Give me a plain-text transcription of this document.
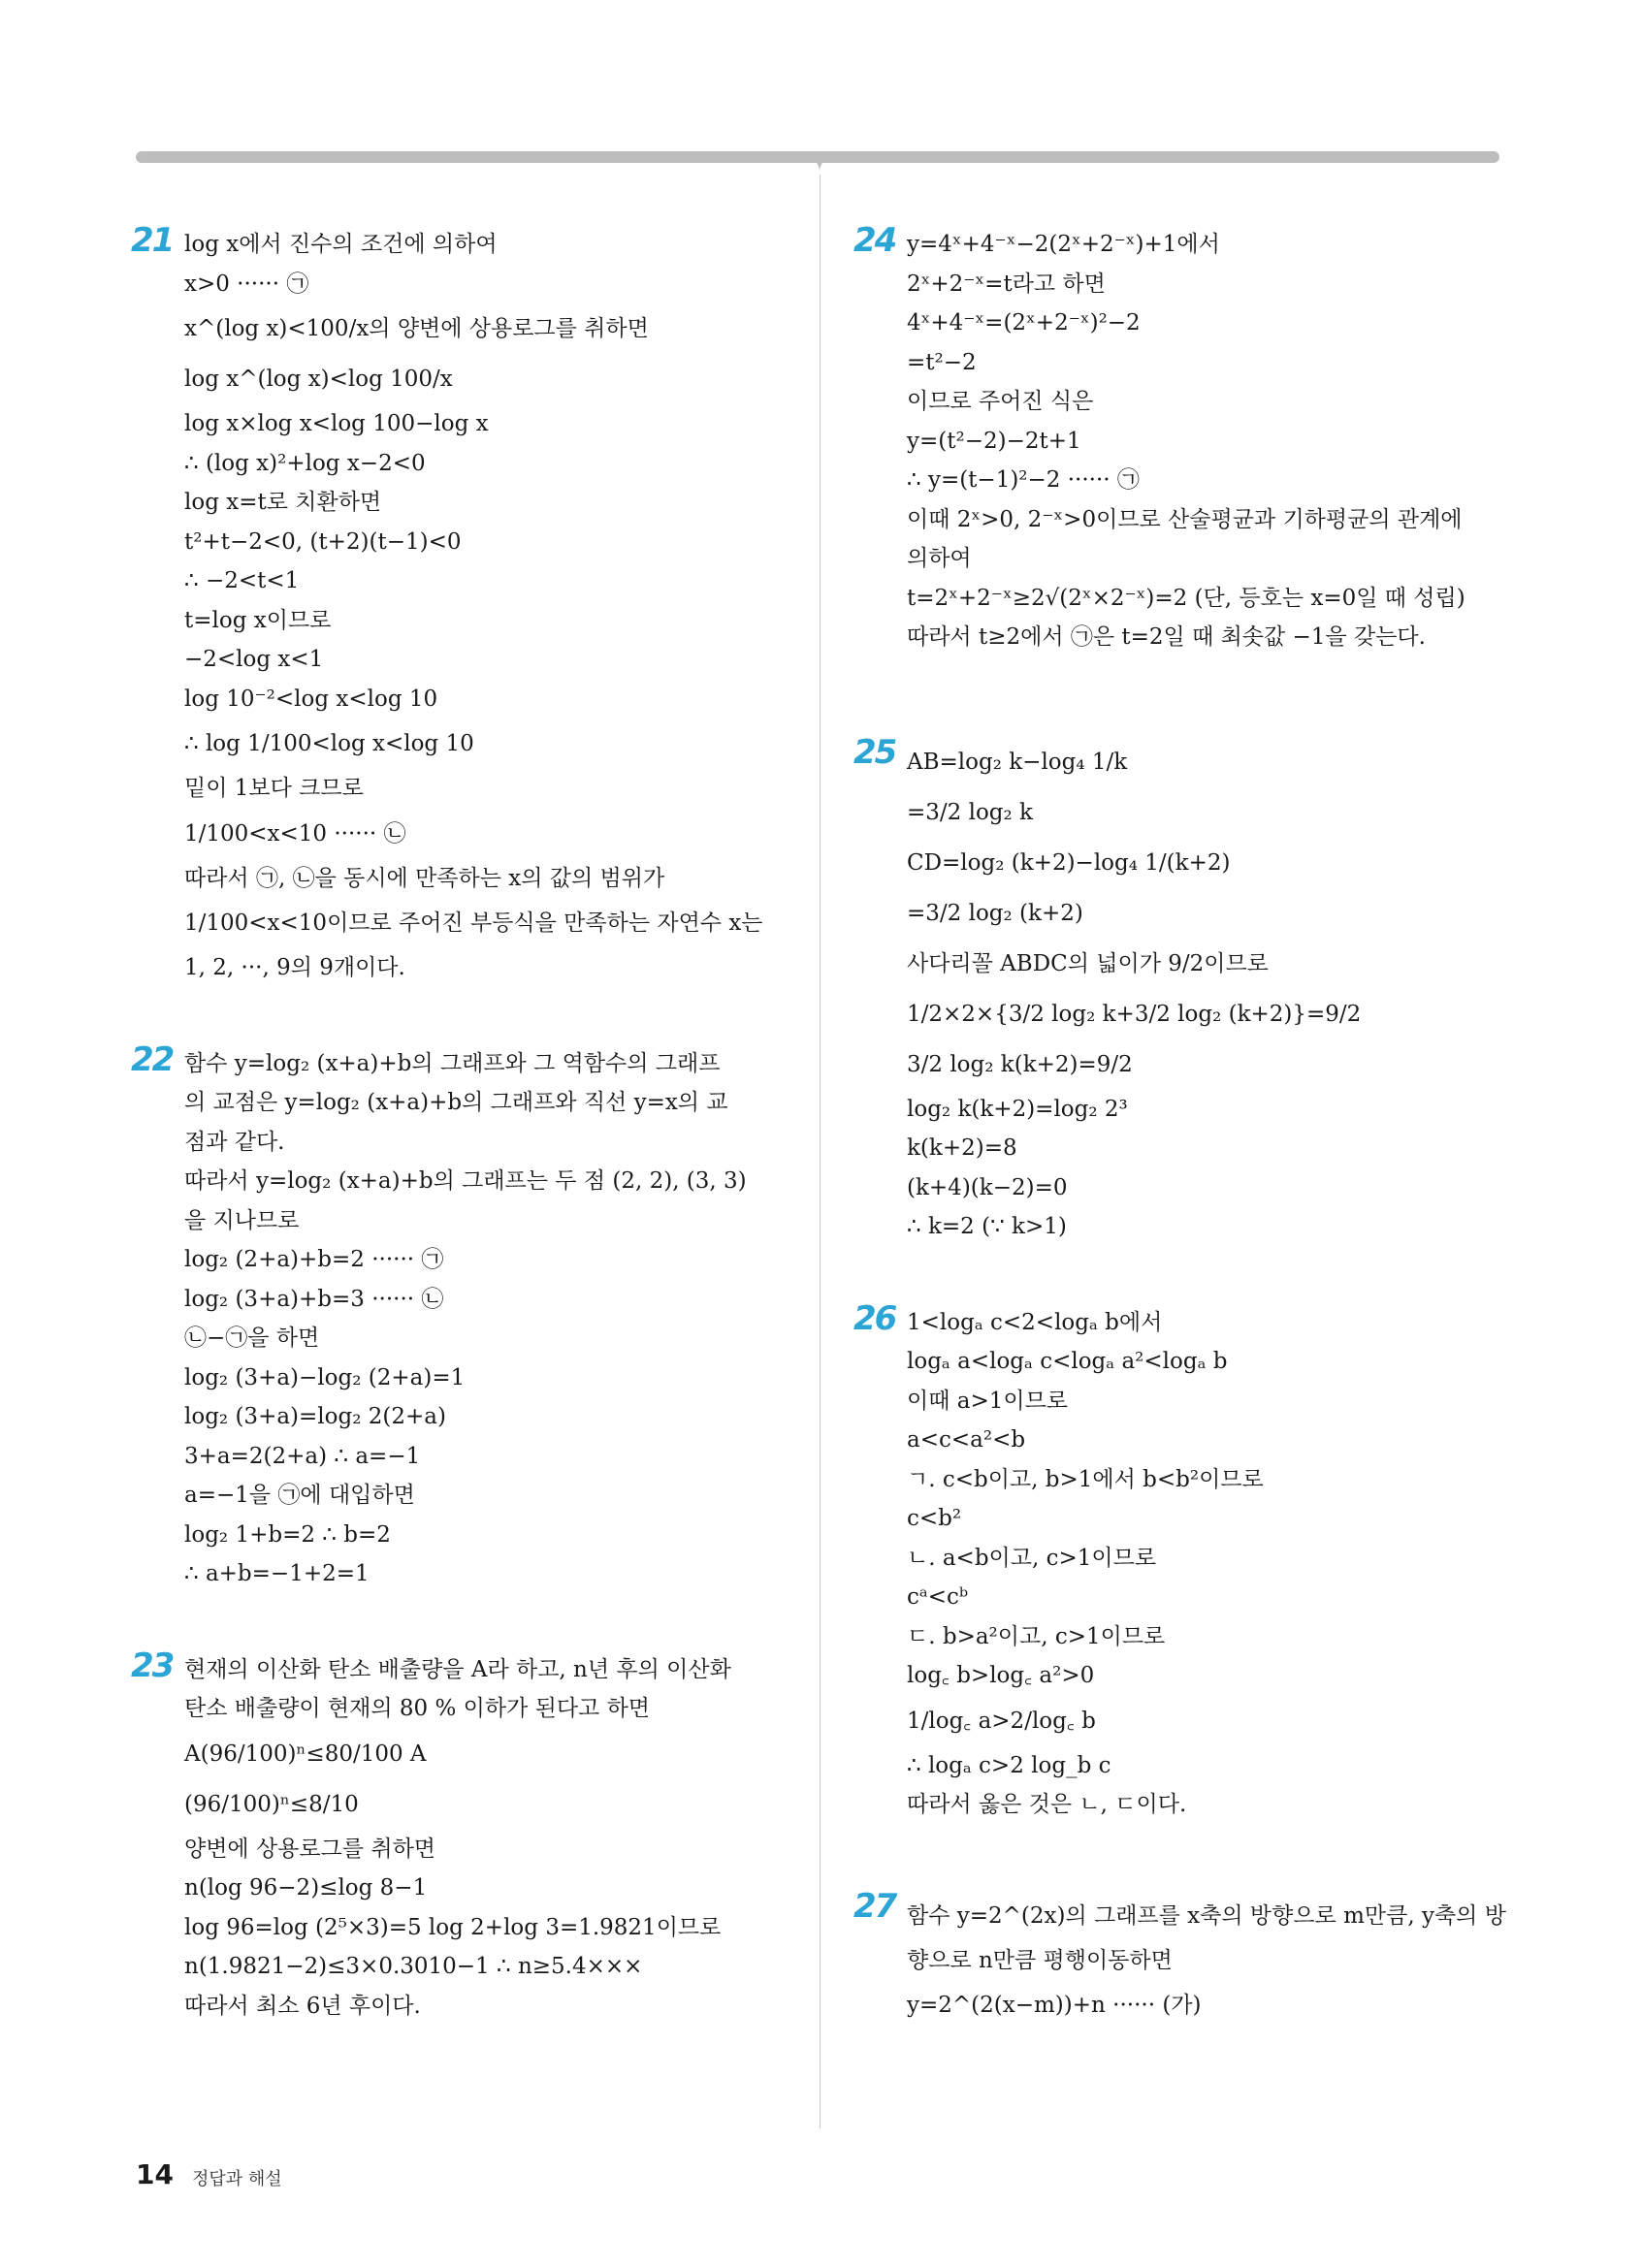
21 log x에서 진수의 조건에 의하여
x>0 ······ ㉠
x^(log x)<100/x의 양변에 상용로그를 취하면
log x^(log x)<log 100/x
log x×log x<log 100−log x
∴ (log x)²+log x−2<0
log x=t로 치환하면
t²+t−2<0, (t+2)(t−1)<0
∴ −2<t<1
t=log x이므로
−2<log x<1
log 10⁻²<log x<log 10
∴ log 1/100<log x<log 10
밑이 1보다 크므로
1/100<x<10 ······ ㉡
따라서 ㉠, ㉡을 동시에 만족하는 x의 값의 범위가
1/100<x<10이므로 주어진 부등식을 만족하는 자연수 x는
1, 2, ···, 9의 9개이다.
22 함수 y=log₂ (x+a)+b의 그래프와 그 역함수의 그래프
의 교점은 y=log₂ (x+a)+b의 그래프와 직선 y=x의 교
점과 같다.
따라서 y=log₂ (x+a)+b의 그래프는 두 점 (2, 2), (3, 3)
을 지나므로
log₂ (2+a)+b=2 ······ ㉠
log₂ (3+a)+b=3 ······ ㉡
㉡−㉠을 하면
log₂ (3+a)−log₂ (2+a)=1
log₂ (3+a)=log₂ 2(2+a)
3+a=2(2+a) ∴ a=−1
a=−1을 ㉠에 대입하면
log₂ 1+b=2 ∴ b=2
∴ a+b=−1+2=1
23 현재의 이산화 탄소 배출량을 A라 하고, n년 후의 이산화
탄소 배출량이 현재의 80 % 이하가 된다고 하면
A(96/100)ⁿ≤80/100 A
(96/100)ⁿ≤8/10
양변에 상용로그를 취하면
n(log 96−2)≤log 8−1
log 96=log (2⁵×3)=5 log 2+log 3=1.9821이므로
n(1.9821−2)≤3×0.3010−1 ∴ n≥5.4×××
따라서 최소 6년 후이다.
24 y=4ˣ+4⁻ˣ−2(2ˣ+2⁻ˣ)+1에서
2ˣ+2⁻ˣ=t라고 하면
4ˣ+4⁻ˣ=(2ˣ+2⁻ˣ)²−2
=t²−2
이므로 주어진 식은
y=(t²−2)−2t+1
∴ y=(t−1)²−2 ······ ㉠
이때 2ˣ>0, 2⁻ˣ>0이므로 산술평균과 기하평균의 관계에
의하여
t=2ˣ+2⁻ˣ≥2√(2ˣ×2⁻ˣ)=2 (단, 등호는 x=0일 때 성립)
따라서 t≥2에서 ㉠은 t=2일 때 최솟값 −1을 갖는다.
25 AB=log₂ k−log₄ 1/k
=3/2 log₂ k
CD=log₂ (k+2)−log₄ 1/(k+2)
=3/2 log₂ (k+2)
사다리꼴 ABDC의 넓이가 9/2이므로
1/2×2×{3/2 log₂ k+3/2 log₂ (k+2)}=9/2
3/2 log₂ k(k+2)=9/2
log₂ k(k+2)=log₂ 2³
k(k+2)=8
(k+4)(k−2)=0
∴ k=2 (∵ k>1)
26 1<logₐ c<2<logₐ b에서
logₐ a<logₐ c<logₐ a²<logₐ b
이때 a>1이므로
a<c<a²<b
ㄱ. c<b이고, b>1에서 b<b²이므로
c<b²
ㄴ. a<b이고, c>1이므로
cᵃ<cᵇ
ㄷ. b>a²이고, c>1이므로
log꜀ b>log꜀ a²>0
1/log꜀ a>2/log꜀ b
∴ logₐ c>2 log_b c
따라서 옳은 것은 ㄴ, ㄷ이다.
27 함수 y=2^(2x)의 그래프를 x축의 방향으로 m만큼, y축의 방
향으로 n만큼 평행이동하면
y=2^(2(x−m))+n ······ (가)
14 정답과 해설
